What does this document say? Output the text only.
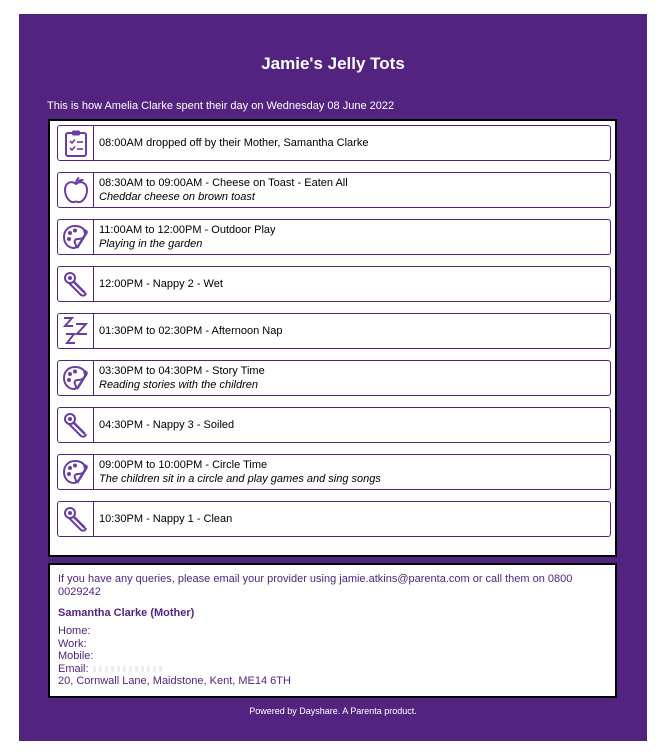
Jamie's Jelly Tots
This is how Amelia Clarke spent their day on Wednesday 08 June 2022
08:00AM dropped off by their Mother, Samantha Clarke
08:30AM to 09:00AM - Cheese on Toast - Eaten All
Cheddar cheese on brown toast
11:00AM to 12:00PM - Outdoor Play
Playing in the garden
12:00PM - Nappy 2 - Wet
01:30PM to 02:30PM - Afternoon Nap
03:30PM to 04:30PM - Story Time
Reading stories with the children
04:30PM - Nappy 3 - Soiled
09:00PM to 10:00PM - Circle Time
The children sit in a circle and play games and sing songs
10:30PM - Nappy 1 - Clean
If you have any queries, please email your provider using jamie.atkins@parenta.com or call them on 0800 0029242
Samantha Clarke (Mother)
Home:
Work:
Mobile:
Email:
20, Cornwall Lane, Maidstone, Kent, ME14 6TH
Powered by Dayshare. A Parenta product.
